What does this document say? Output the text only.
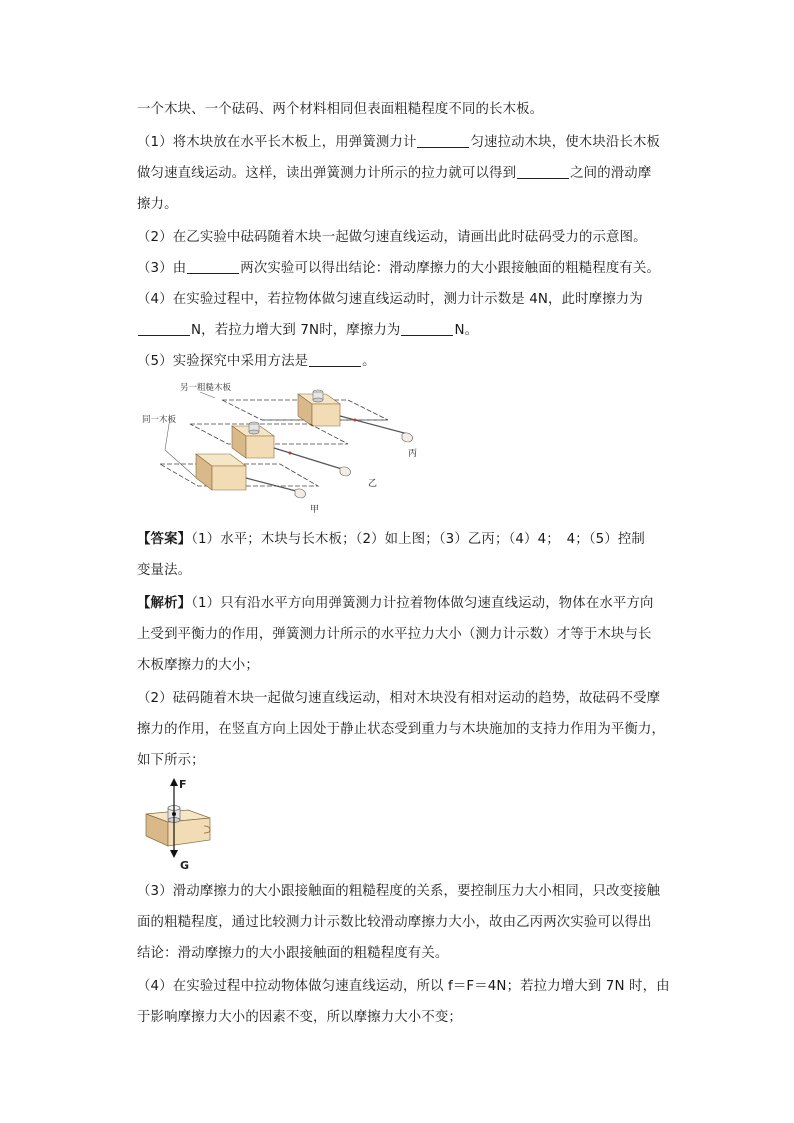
一个木块、一个砝码、两个材料相同但表面粗糙程度不同的长木板。
（1）将木块放在水平长木板上，用弹簧测力计	匀速拉动木块，使木块沿长木板
做匀速直线运动。这样，读出弹簧测力计所示的拉力就可以得到	之间的滑动摩
擦力。
（2）在乙实验中砝码随着木块一起做匀速直线运动，请画出此时砝码受力的示意图。
（3）由	两次实验可以得出结论：滑动摩擦力的大小跟接触面的粗糙程度有关。
（4）在实验过程中，若拉物体做匀速直线运动时，测力计示数是 4N，此时摩擦力为
N，若拉力增大到 7N时，摩擦力为	N。
（5）实验探究中采用方法是	。
另一粗糙木板
同一木板
丙
乙
甲
【答案】（1）水平；木块与长木板；（2）如上图；（3）乙丙；（4）4；　4；（5）控制
变量法。
【解析】（1）只有沿水平方向用弹簧测力计拉着物体做匀速直线运动，物体在水平方向
上受到平衡力的作用，弹簧测力计所示的水平拉力大小（测力计示数）才等于木块与长
木板摩擦力的大小；
（2）砝码随着木块一起做匀速直线运动，相对木块没有相对运动的趋势，故砝码不受摩
擦力的作用，在竖直方向上因处于静止状态受到重力与木块施加的支持力作用为平衡力，
如下所示；
F
G
（3）滑动摩擦力的大小跟接触面的粗糙程度的关系，要控制压力大小相同，只改变接触
面的粗糙程度，通过比较测力计示数比较滑动摩擦力大小，故由乙丙两次实验可以得出
结论：滑动摩擦力的大小跟接触面的粗糙程度有关。
（4）在实验过程中拉动物体做匀速直线运动，所以 f＝F＝4N；若拉力增大到 7N 时，由
于影响摩擦力大小的因素不变，所以摩擦力大小不变；
